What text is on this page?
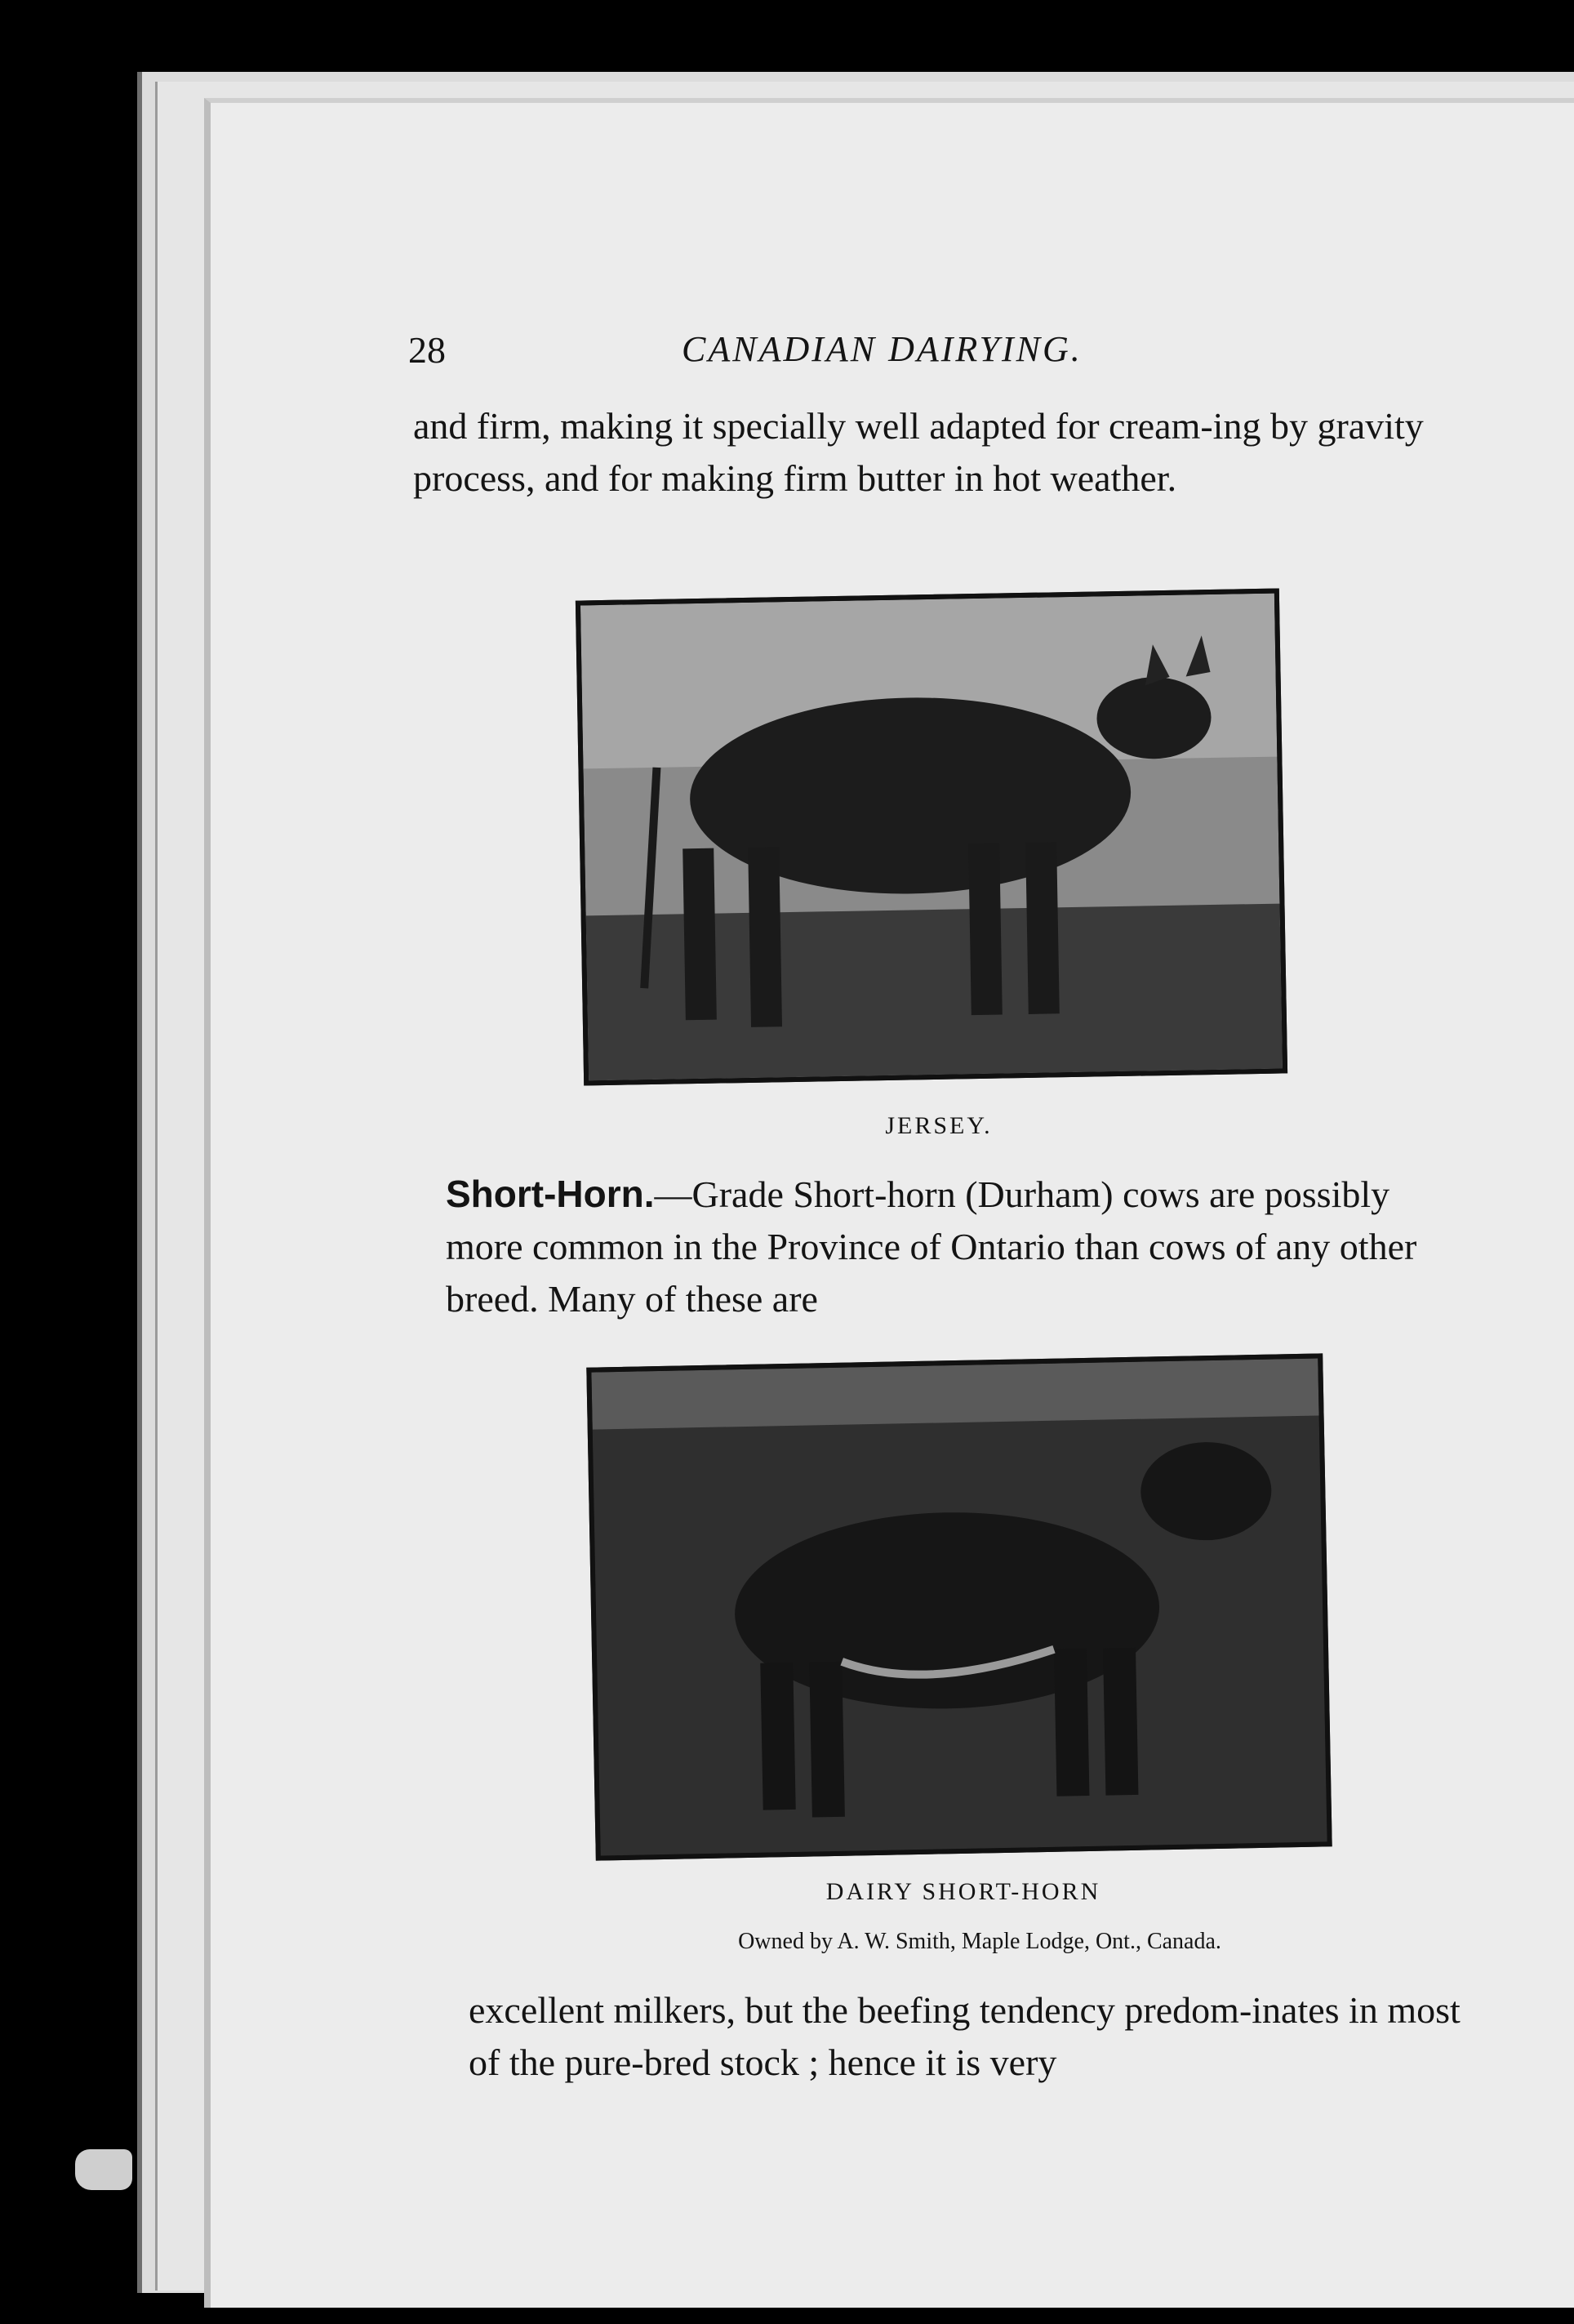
28	CANADIAN DAIRYING.
and firm, making it specially well adapted for cream-ing by gravity process, and for making firm butter in hot weather.
JERSEY.
Short-Horn.—Grade Short-horn (Durham) cows are possibly more common in the Province of Ontario than cows of any other breed. Many of these are
DAIRY SHORT-HORN
Owned by A. W. Smith, Maple Lodge, Ont., Canada.
excellent milkers, but the beefing tendency predom-inates in most of the pure-bred stock ; hence it is very
